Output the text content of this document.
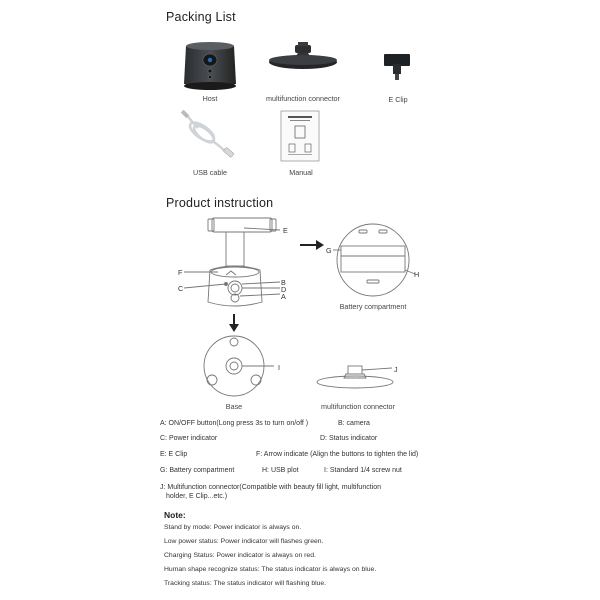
Packing List
Host	multifunction connector	E Clip
USB cable	Manual
Product instruction
E
F
C
B
D
A
G
H
Battery compartment
I
Base
J
multifunction connector
A: ON/OFF button(Long press 3s to turn on/off )	B: camera
C: Power indicator	D: Status indicator
E: E Clip	F: Arrow indicate (Align the buttons to tighten the lid)
G: Battery compartment	H: USB plot	I: Standard 1/4 screw nut
J: Multifunction connector(Compatible with beauty fill light, multifunction
holder, E Clip...etc.)
Note:
Stand by mode: Power indicator is always on.
Low power status: Power indicator will flashes green.
Charging Status: Power indicator is always on red.
Human shape recognize status: The status indicator is always on blue.
Tracking status: The status indicator will flashing blue.
